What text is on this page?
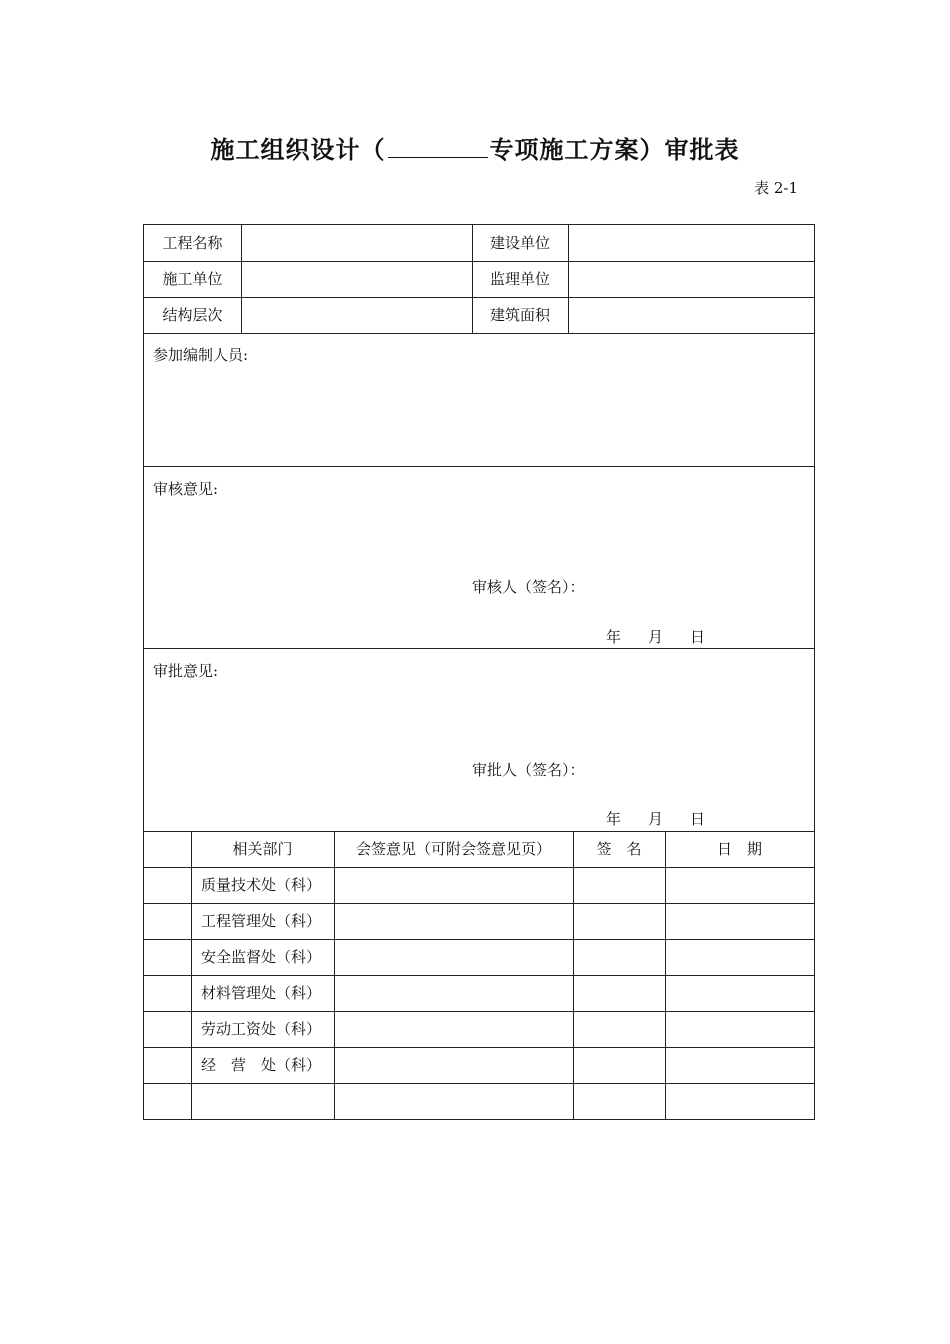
施工组织设计（	专项施工方案）审批表
表 2-1
工程名称	建设单位
施工单位	监理单位
结构层次	建筑面积
参加编制人员:
审核意见:
审核人（签名）：
年 月 日
审批意见:
审批人（签名）：
年 月 日
相关部门	会签意见（可附会签意见页）	签　名	日　期
质量技术处（科）
工程管理处（科）
安全监督处（科）
材料管理处（科）
劳动工资处（科）
经　营　处（科）
